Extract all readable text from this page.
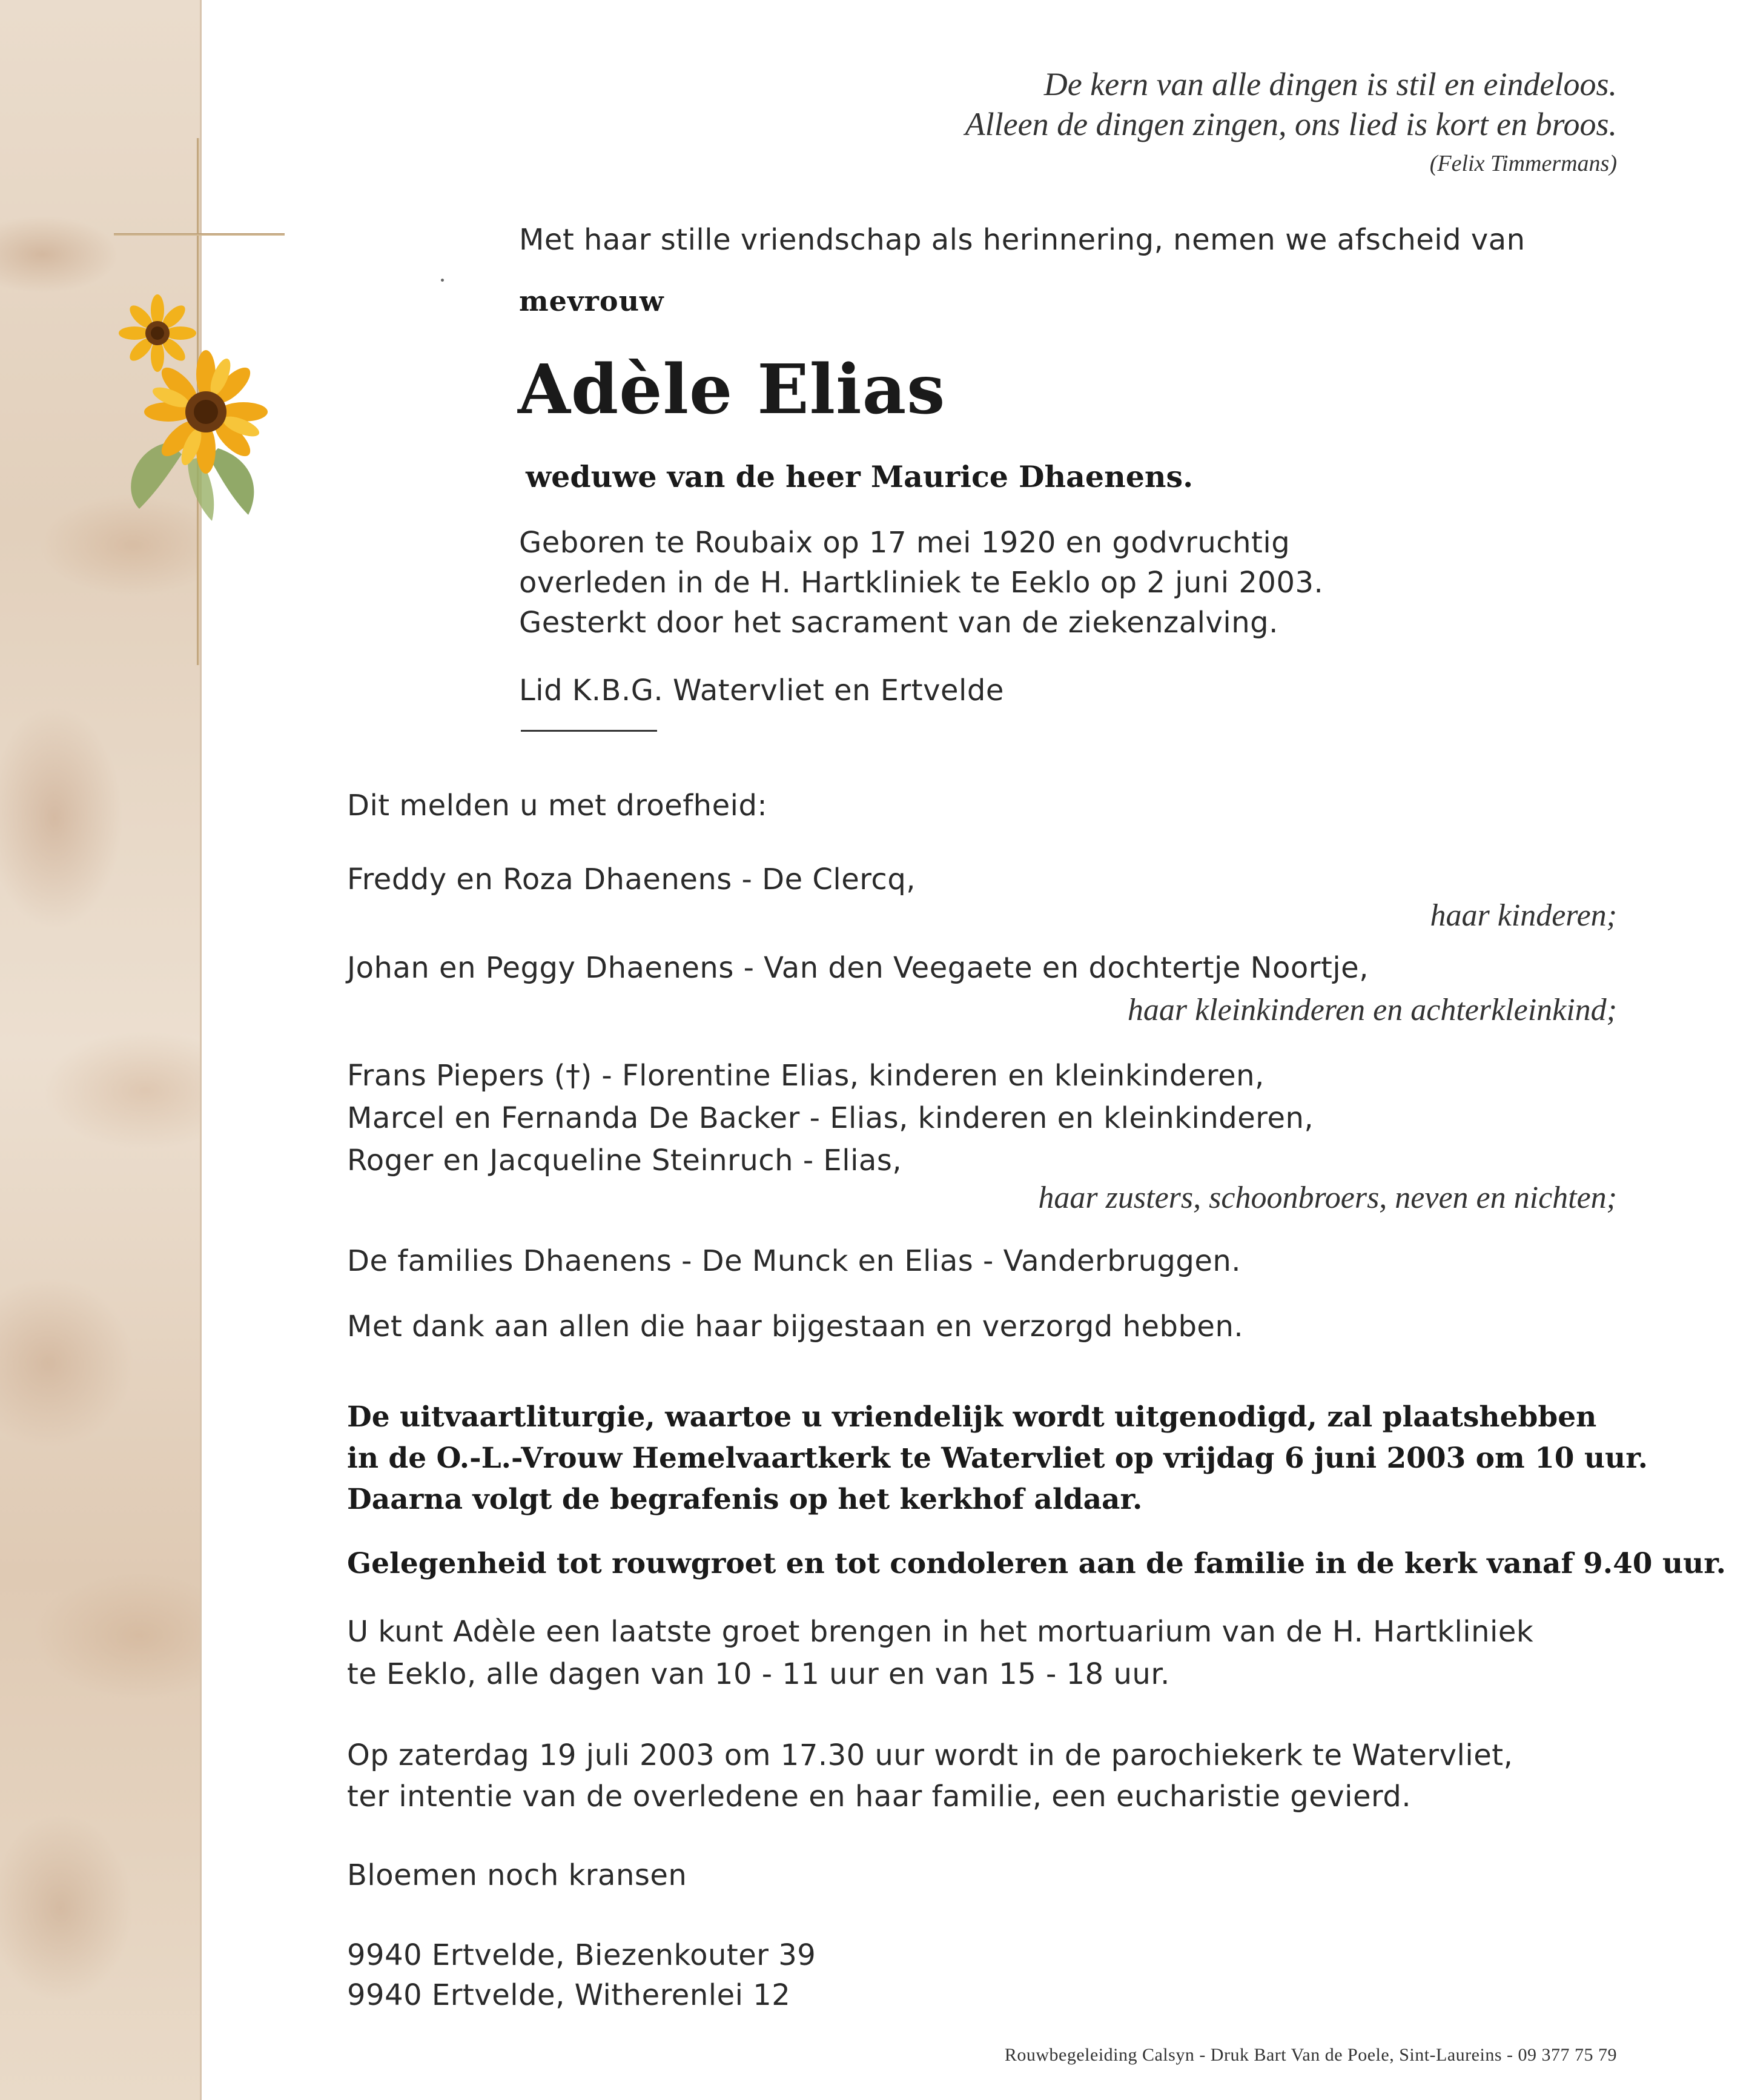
De kern van alle dingen is stil en eindeloos.

Alleen de dingen zingen, ons lied is kort en broos.

(Felix Timmermans)

Met haar stille vriendschap als herinnering, nemen we afscheid van

mevrouw

Adèle Elias

weduwe van de heer Maurice Dhaenens.

Geboren te Roubaix op 17 mei 1920 en godvruchtig

overleden in de H. Hartkliniek te Eeklo op 2 juni 2003.

Gesterkt door het sacrament van de ziekenzalving.

Lid K.B.G. Watervliet en Ertvelde

Dit melden u met droefheid:

Freddy en Roza Dhaenens - De Clercq,

haar kinderen;

Johan en Peggy Dhaenens - Van den Veegaete en dochtertje Noortje,

haar kleinkinderen en achterkleinkind;

Frans Piepers (†) - Florentine Elias, kinderen en kleinkinderen,

Marcel en Fernanda De Backer - Elias, kinderen en kleinkinderen,

Roger en Jacqueline Steinruch - Elias,

haar zusters, schoonbroers, neven en nichten;

De families Dhaenens - De Munck en Elias - Vanderbruggen.

Met dank aan allen die haar bijgestaan en verzorgd hebben.

De uitvaartliturgie, waartoe u vriendelijk wordt uitgenodigd, zal plaatshebben

in de O.-L.-Vrouw Hemelvaartkerk te Watervliet op vrijdag 6 juni 2003 om 10 uur.

Daarna volgt de begrafenis op het kerkhof aldaar.

Gelegenheid tot rouwgroet en tot condoleren aan de familie in de kerk vanaf 9.40 uur.

U kunt Adèle een laatste groet brengen in het mortuarium van de H. Hartkliniek

te Eeklo, alle dagen van 10 - 11 uur en van 15 - 18 uur.

Op zaterdag 19 juli 2003 om 17.30 uur wordt in de parochiekerk te Watervliet,

ter intentie van de overledene en haar familie, een eucharistie gevierd.

Bloemen noch kransen

9940 Ertvelde, Biezenkouter 39

9940 Ertvelde, Witherenlei 12

Rouwbegeleiding Calsyn - Druk Bart Van de Poele, Sint-Laureins - 09 377 75 79
